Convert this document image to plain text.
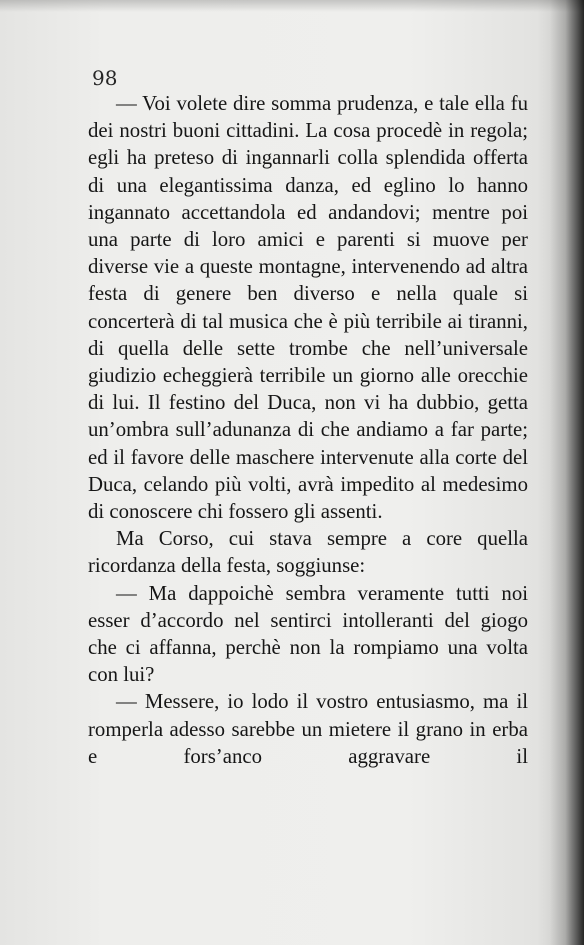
98

— Voi volete dire somma prudenza, e tale ella fu dei nostri buoni cittadini. La cosa procedè in regola; egli ha preteso di ingannarli colla splendida offerta di una elegantissima danza, ed eglino lo hanno ingannato accettandola ed andandovi; mentre poi una parte di loro amici e parenti si muove per diverse vie a queste montagne, intervenendo ad altra festa di genere ben diverso e nella quale si concerterà di tal musica che è più terribile ai tiranni, di quella delle sette trombe che nell’universale giudizio echeggierà terribile un giorno alle orecchie di lui. Il festino del Duca, non vi ha dubbio, getta un’ombra sull’adunanza di che andiamo a far parte; ed il favore delle maschere intervenute alla corte del Duca, celando più volti, avrà impedito al medesimo di conoscere chi fossero gli assenti.

Ma Corso, cui stava sempre a core quella ricordanza della festa, soggiunse:

— Ma dappoichè sembra veramente tutti noi esser d’accordo nel sentirci intolleranti del giogo che ci affanna, perchè non la rompiamo una volta con lui?

— Messere, io lodo il vostro entusiasmo, ma il romperla adesso sarebbe un mietere il grano in erba e fors’anco aggravare il
